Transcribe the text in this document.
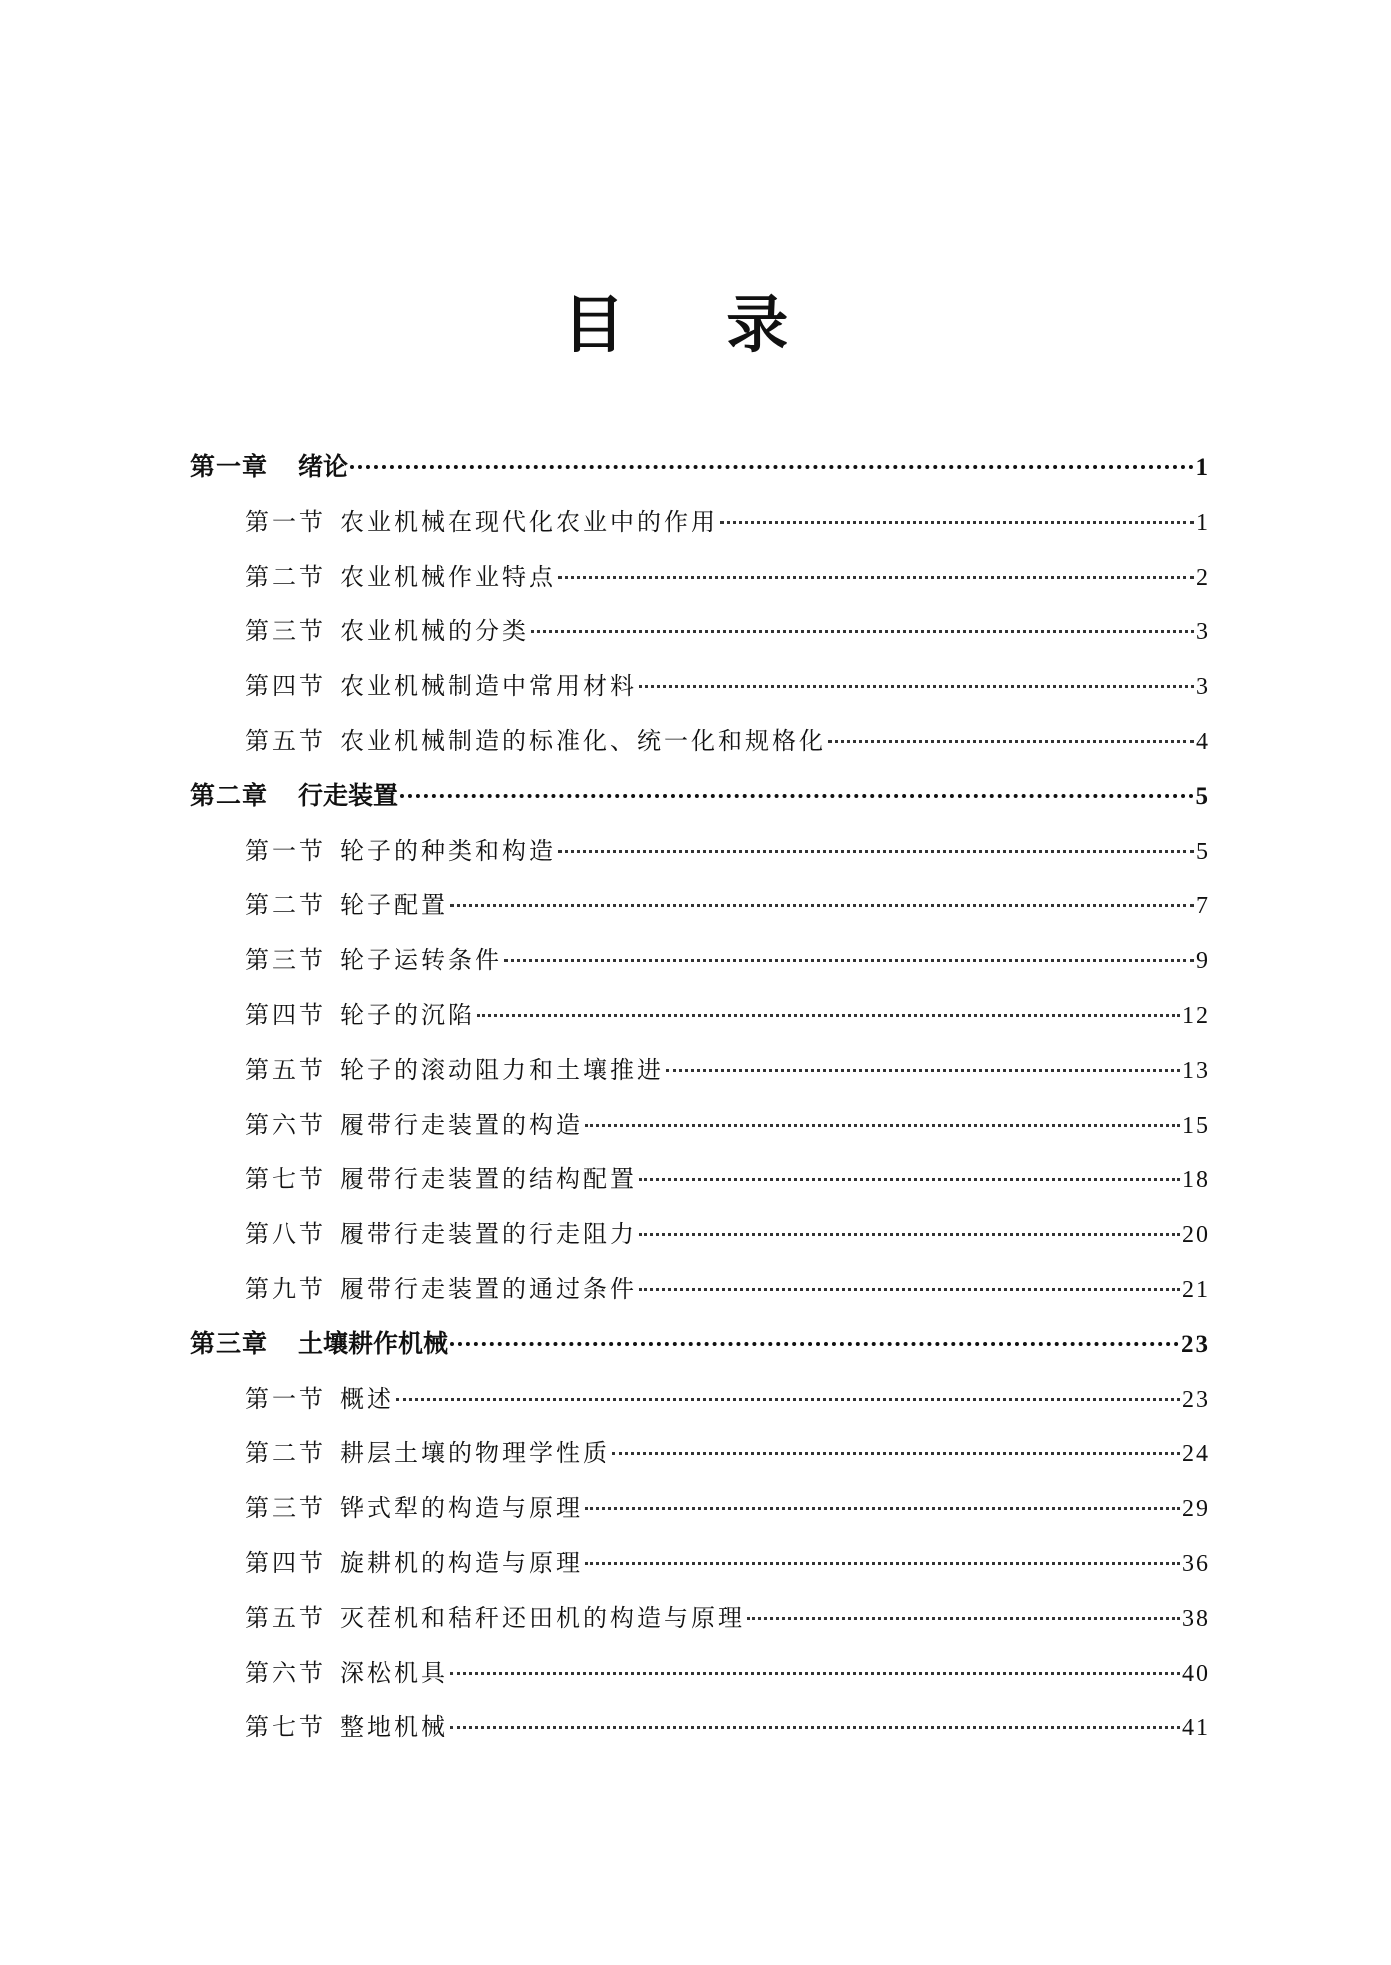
目 录
第一章 绪论	1
第一节 农业机械在现代化农业中的作用	1
第二节 农业机械作业特点	2
第三节 农业机械的分类	3
第四节 农业机械制造中常用材料	3
第五节 农业机械制造的标准化、统一化和规格化	4
第二章 行走装置	5
第一节 轮子的种类和构造	5
第二节 轮子配置	7
第三节 轮子运转条件	9
第四节 轮子的沉陷	12
第五节 轮子的滚动阻力和土壤推进	13
第六节 履带行走装置的构造	15
第七节 履带行走装置的结构配置	18
第八节 履带行走装置的行走阻力	20
第九节 履带行走装置的通过条件	21
第三章 土壤耕作机械	23
第一节 概述	23
第二节 耕层土壤的物理学性质	24
第三节 铧式犁的构造与原理	29
第四节 旋耕机的构造与原理	36
第五节 灭茬机和秸秆还田机的构造与原理	38
第六节 深松机具	40
第七节 整地机械	41
